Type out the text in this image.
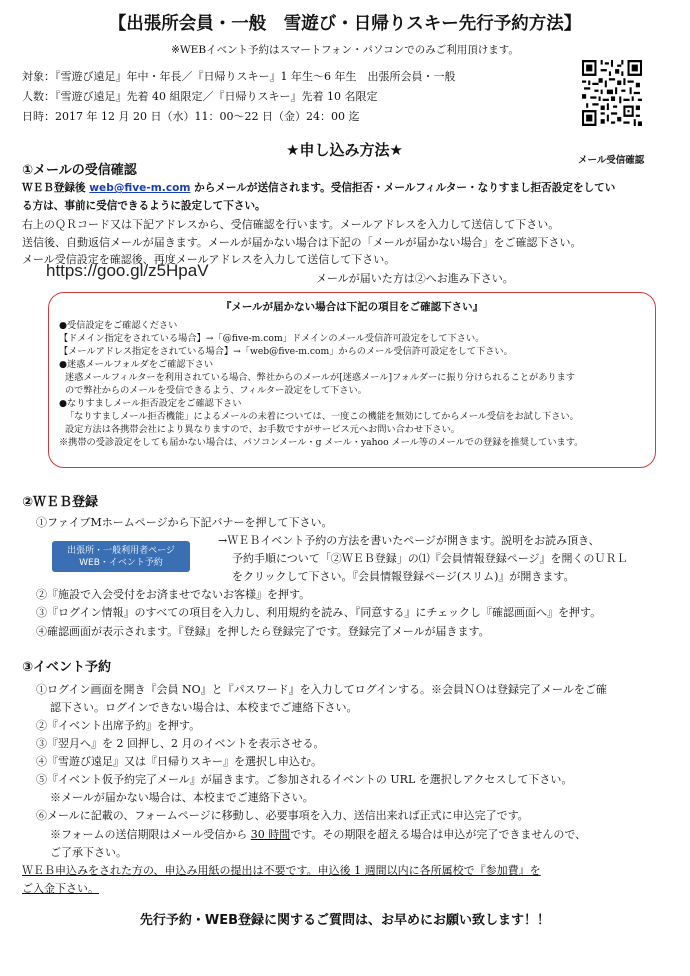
【出張所会員・一般　雪遊び・日帰りスキー先行予約方法】
※WEBイベント予約はスマートフォン・パソコンでのみご利用頂けます。
対象：『雪遊び遠足』年中・年長／『日帰りスキー』1 年生～6 年生　出張所会員・一般
人数：『雪遊び遠足』先着 40 組限定／『日帰りスキー』先着 10 名限定
日時：2017 年 12 月 20 日（水）11：00～22 日（金）24：00 迄
メール受信確認
★申し込み方法★
①メールの受信確認
ＷＥＢ登録後 web@five-m.com からメールが送信されます。受信拒否・メールフィルター・なりすまし拒否設定をしてい
る方は、事前に受信できるように設定して下さい。
右上のＱＲコード又は下記アドレスから、受信確認を行います。メールアドレスを入力して送信して下さい。
送信後、自動返信メールが届きます。メールが届かない場合は下記の「メールが届かない場合」をご確認下さい。
メール受信設定を確認後、再度メールアドレスを入力して送信して下さい。
https://goo.gl/z5HpaV	メールが届いた方は②へお進み下さい。
『メールが届かない場合は下記の項目をご確認下さい』
●受信設定をご確認ください
【ドメイン指定をされている場合】→「@five-m.com」ドメインのメール受信許可設定をして下さい。
【メールアドレス指定をされている場合】→「web@five-m.com」からのメール受信許可設定をして下さい。
●迷惑メールフォルダをご確認下さい
迷惑メールフィルターを利用されている場合、弊社からのメールが[迷惑メール]フォルダーに振り分けられることがあります
ので弊社からのメールを受信できるよう、フィルター設定をして下さい。
●なりすましメール拒否設定をご確認下さい
「なりすましメール拒否機能」によるメールの未着については、一度この機能を無効にしてからメール受信をお試し下さい。
設定方法は各携帯会社により異なりますので、お手数ですがサービス元へお問い合わせ下さい。
※携帯の受診設定をしても届かない場合は、パソコンメール・g メール・yahoo メール等のメールでの登録を推奨しています。
②ＷＥＢ登録
①ファイブMホームページから下記バナーを押して下さい。
出張所・一般利用者ページ
WEB・イベント予約
→ＷＥＢイベント予約の方法を書いたページが開きます。説明をお読み頂き、
予約手順について「②ＷＥＢ登録」の⑴『会員情報登録ページ』を開くのＵＲＬ
をクリックして下さい。『会員情報登録ページ(スリム)』が開きます。
②『施設で入会受付をお済ませでないお客様』を押す。
③『ログイン情報』のすべての項目を入力し、利用規約を読み、『同意する』にチェックし『確認画面へ』を押す。
④確認画面が表示されます。『登録』を押したら登録完了です。登録完了メールが届きます。
③イベント予約
①ログイン画面を開き『会員 NO』と『パスワード』を入力してログインする。※会員ＮＯは登録完了メールをご確
認下さい。ログインできない場合は、本校までご連絡下さい。
②『イベント出席予約』を押す。
③『翌月へ』を 2 回押し、2 月のイベントを表示させる。
④『雪遊び遠足』又は『日帰りスキー』を選択し申込む。
⑤『イベント仮予約完了メール』が届きます。ご参加されるイベントの URL を選択しアクセスして下さい。
※メールが届かない場合は、本校までご連絡下さい。
⑥メールに記載の、フォームページに移動し、必要事項を入力、送信出来れば正式に申込完了です。
※フォームの送信期限はメール受信から 30 時間です。その期限を超える場合は申込が完了できませんので、
ご了承下さい。
ＷＥＢ申込みをされた方の、申込み用紙の提出は不要です。申込後 1 週間以内に各所属校で『参加費』を
ご入金下さい。
先行予約・WEB登録に関するご質問は、お早めにお願い致します！！
